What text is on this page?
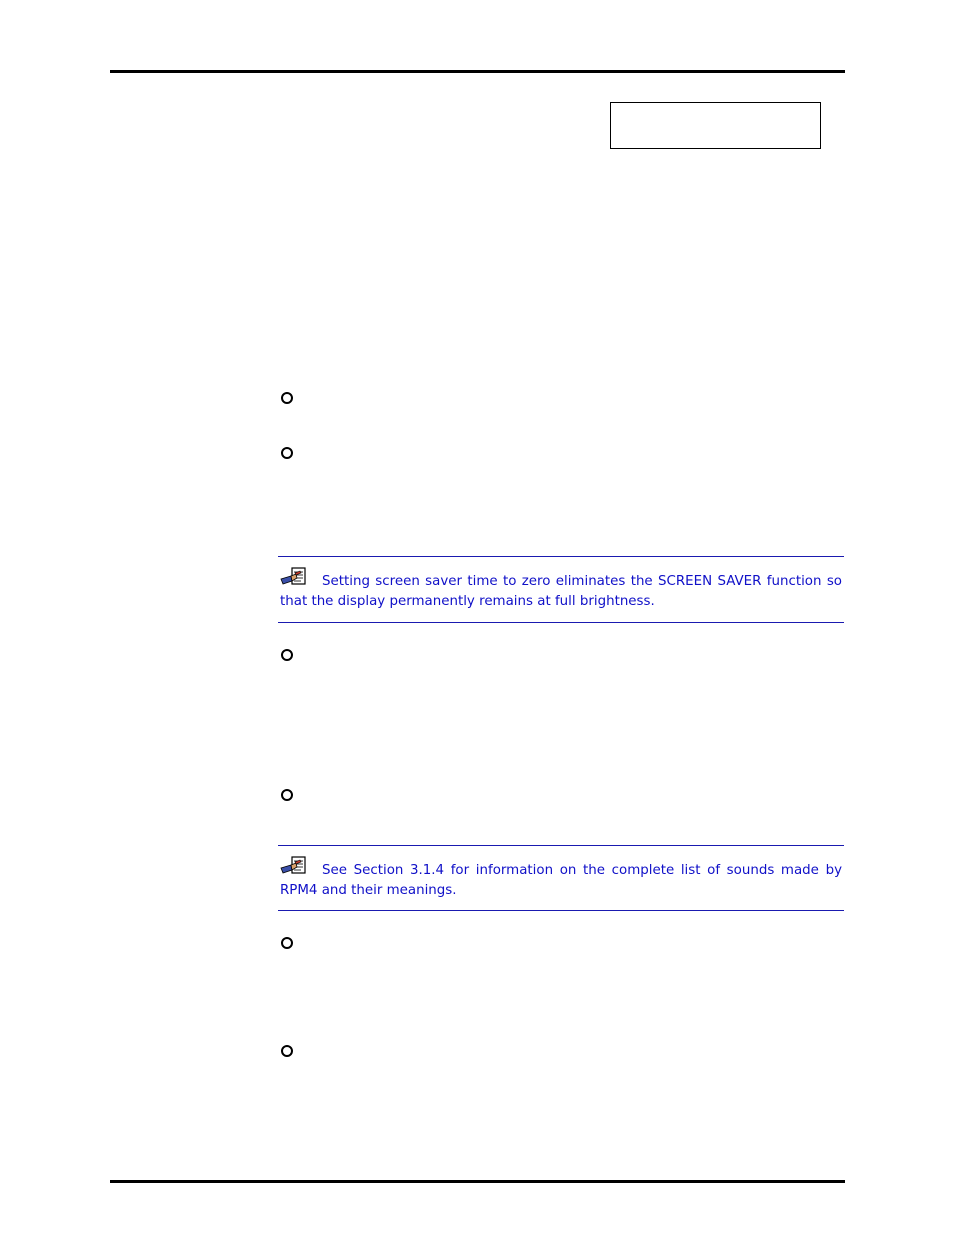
Setting screen saver time to zero eliminates the SCREEN SAVER function so that the display permanently remains at full brightness.
See Section 3.1.4 for information on the complete list of sounds made by RPM4 and their meanings.
